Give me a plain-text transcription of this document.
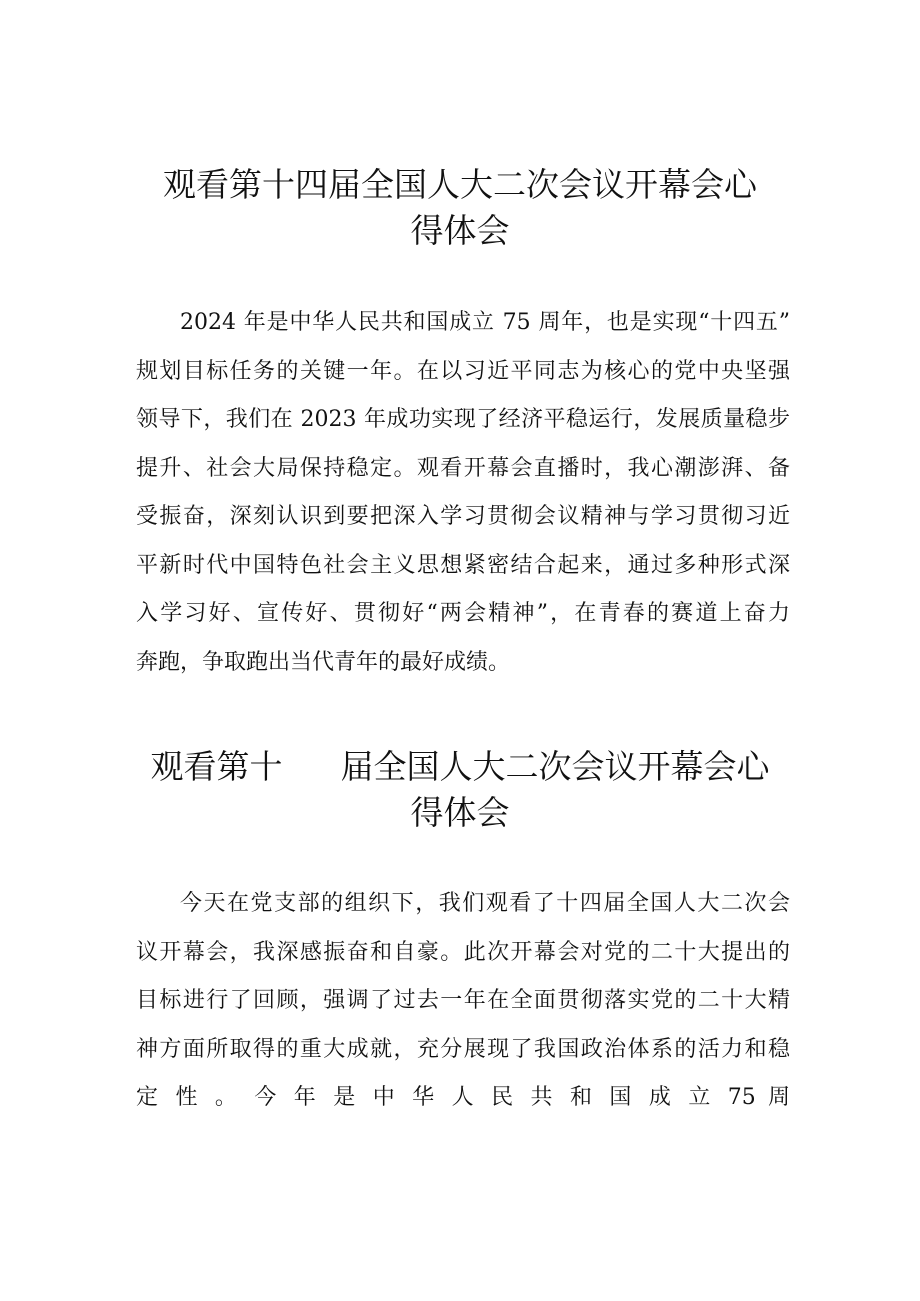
观看第十四届全国人大二次会议开幕会心
得体会
2024 年是中华人民共和国成立 75 周年，也是实现“十四五”
规划目标任务的关键一年。在以习近平同志为核心的党中央坚强
领导下，我们在 2023 年成功实现了经济平稳运行，发展质量稳步
提升、社会大局保持稳定。观看开幕会直播时，我心潮澎湃、备
受振奋，深刻认识到要把深入学习贯彻会议精神与学习贯彻习近
平新时代中国特色社会主义思想紧密结合起来，通过多种形式深
入学习好、宣传好、贯彻好“两会精神”，在青春的赛道上奋力
奔跑，争取跑出当代青年的最好成绩。
观看第十 届全国人大二次会议开幕会心
得体会
今天在党支部的组织下，我们观看了十四届全国人大二次会
议开幕会，我深感振奋和自豪。此次开幕会对党的二十大提出的
目标进行了回顾，强调了过去一年在全面贯彻落实党的二十大精
神方面所取得的重大成就，充分展现了我国政治体系的活力和稳
定 性 。 今 年 是 中 华 人 民 共 和 国 成 立 75 周
